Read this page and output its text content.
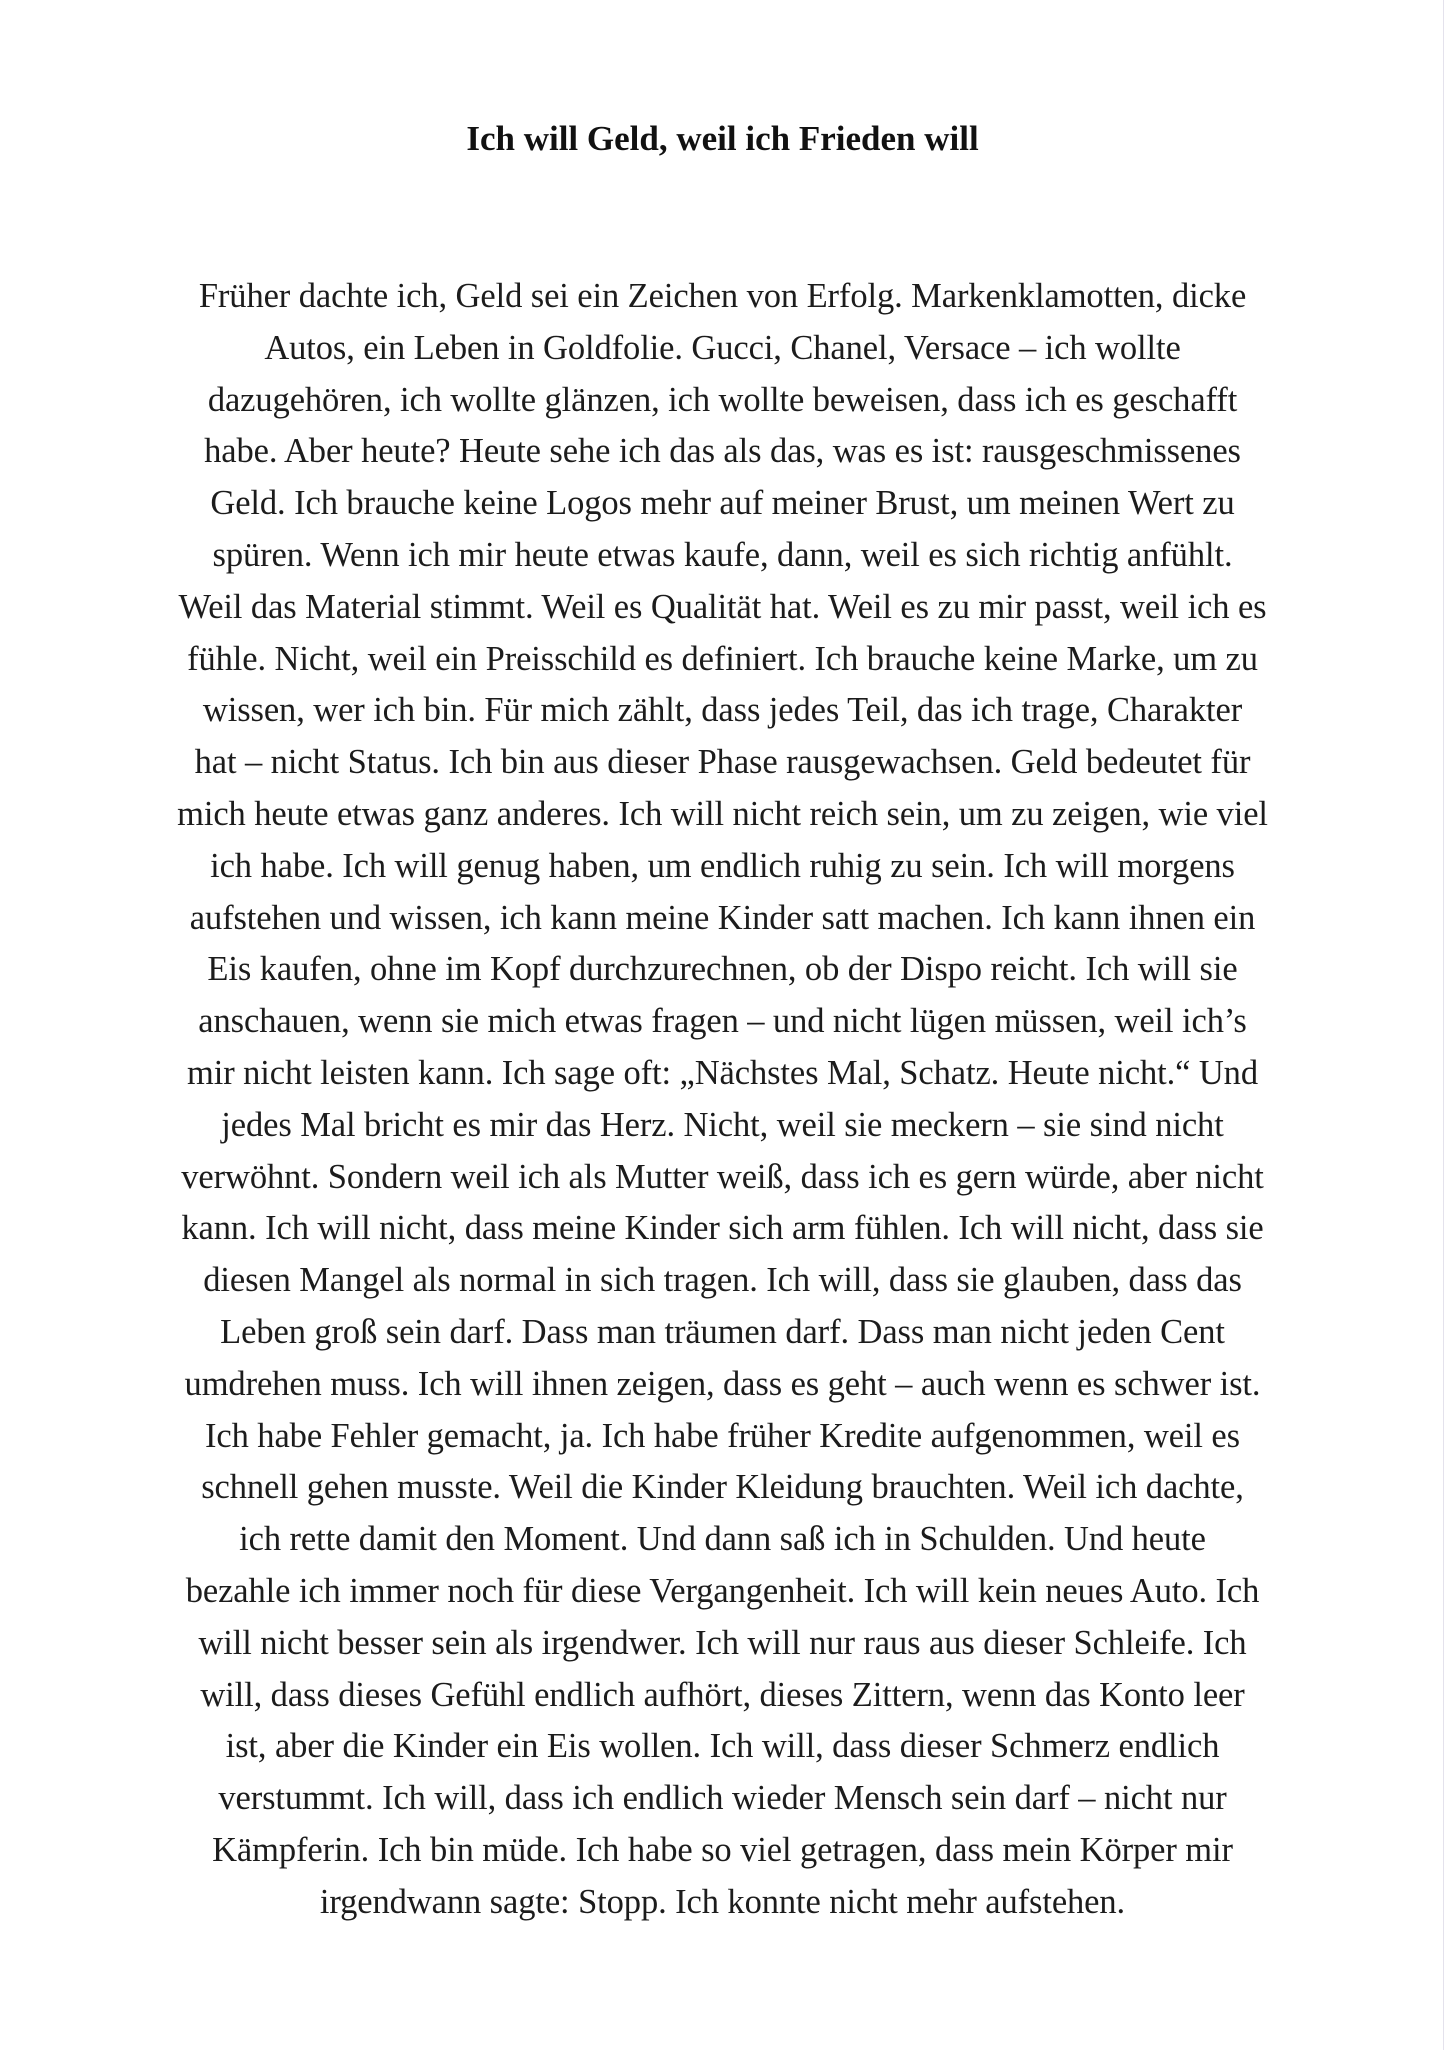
Ich will Geld, weil ich Frieden will
Früher dachte ich, Geld sei ein Zeichen von Erfolg. Markenklamotten, dicke
Autos, ein Leben in Goldfolie. Gucci, Chanel, Versace – ich wollte
dazugehören, ich wollte glänzen, ich wollte beweisen, dass ich es geschafft
habe. Aber heute? Heute sehe ich das als das, was es ist: rausgeschmissenes
Geld. Ich brauche keine Logos mehr auf meiner Brust, um meinen Wert zu
spüren. Wenn ich mir heute etwas kaufe, dann, weil es sich richtig anfühlt.
Weil das Material stimmt. Weil es Qualität hat. Weil es zu mir passt, weil ich es
fühle. Nicht, weil ein Preisschild es definiert. Ich brauche keine Marke, um zu
wissen, wer ich bin. Für mich zählt, dass jedes Teil, das ich trage, Charakter
hat – nicht Status. Ich bin aus dieser Phase rausgewachsen. Geld bedeutet für
mich heute etwas ganz anderes. Ich will nicht reich sein, um zu zeigen, wie viel
ich habe. Ich will genug haben, um endlich ruhig zu sein. Ich will morgens
aufstehen und wissen, ich kann meine Kinder satt machen. Ich kann ihnen ein
Eis kaufen, ohne im Kopf durchzurechnen, ob der Dispo reicht. Ich will sie
anschauen, wenn sie mich etwas fragen – und nicht lügen müssen, weil ich’s
mir nicht leisten kann. Ich sage oft: „Nächstes Mal, Schatz. Heute nicht.“ Und
jedes Mal bricht es mir das Herz. Nicht, weil sie meckern – sie sind nicht
verwöhnt. Sondern weil ich als Mutter weiß, dass ich es gern würde, aber nicht
kann. Ich will nicht, dass meine Kinder sich arm fühlen. Ich will nicht, dass sie
diesen Mangel als normal in sich tragen. Ich will, dass sie glauben, dass das
Leben groß sein darf. Dass man träumen darf. Dass man nicht jeden Cent
umdrehen muss. Ich will ihnen zeigen, dass es geht – auch wenn es schwer ist.
Ich habe Fehler gemacht, ja. Ich habe früher Kredite aufgenommen, weil es
schnell gehen musste. Weil die Kinder Kleidung brauchten. Weil ich dachte,
ich rette damit den Moment. Und dann saß ich in Schulden. Und heute
bezahle ich immer noch für diese Vergangenheit. Ich will kein neues Auto. Ich
will nicht besser sein als irgendwer. Ich will nur raus aus dieser Schleife. Ich
will, dass dieses Gefühl endlich aufhört, dieses Zittern, wenn das Konto leer
ist, aber die Kinder ein Eis wollen. Ich will, dass dieser Schmerz endlich
verstummt. Ich will, dass ich endlich wieder Mensch sein darf – nicht nur
Kämpferin. Ich bin müde. Ich habe so viel getragen, dass mein Körper mir
irgendwann sagte: Stopp. Ich konnte nicht mehr aufstehen.
